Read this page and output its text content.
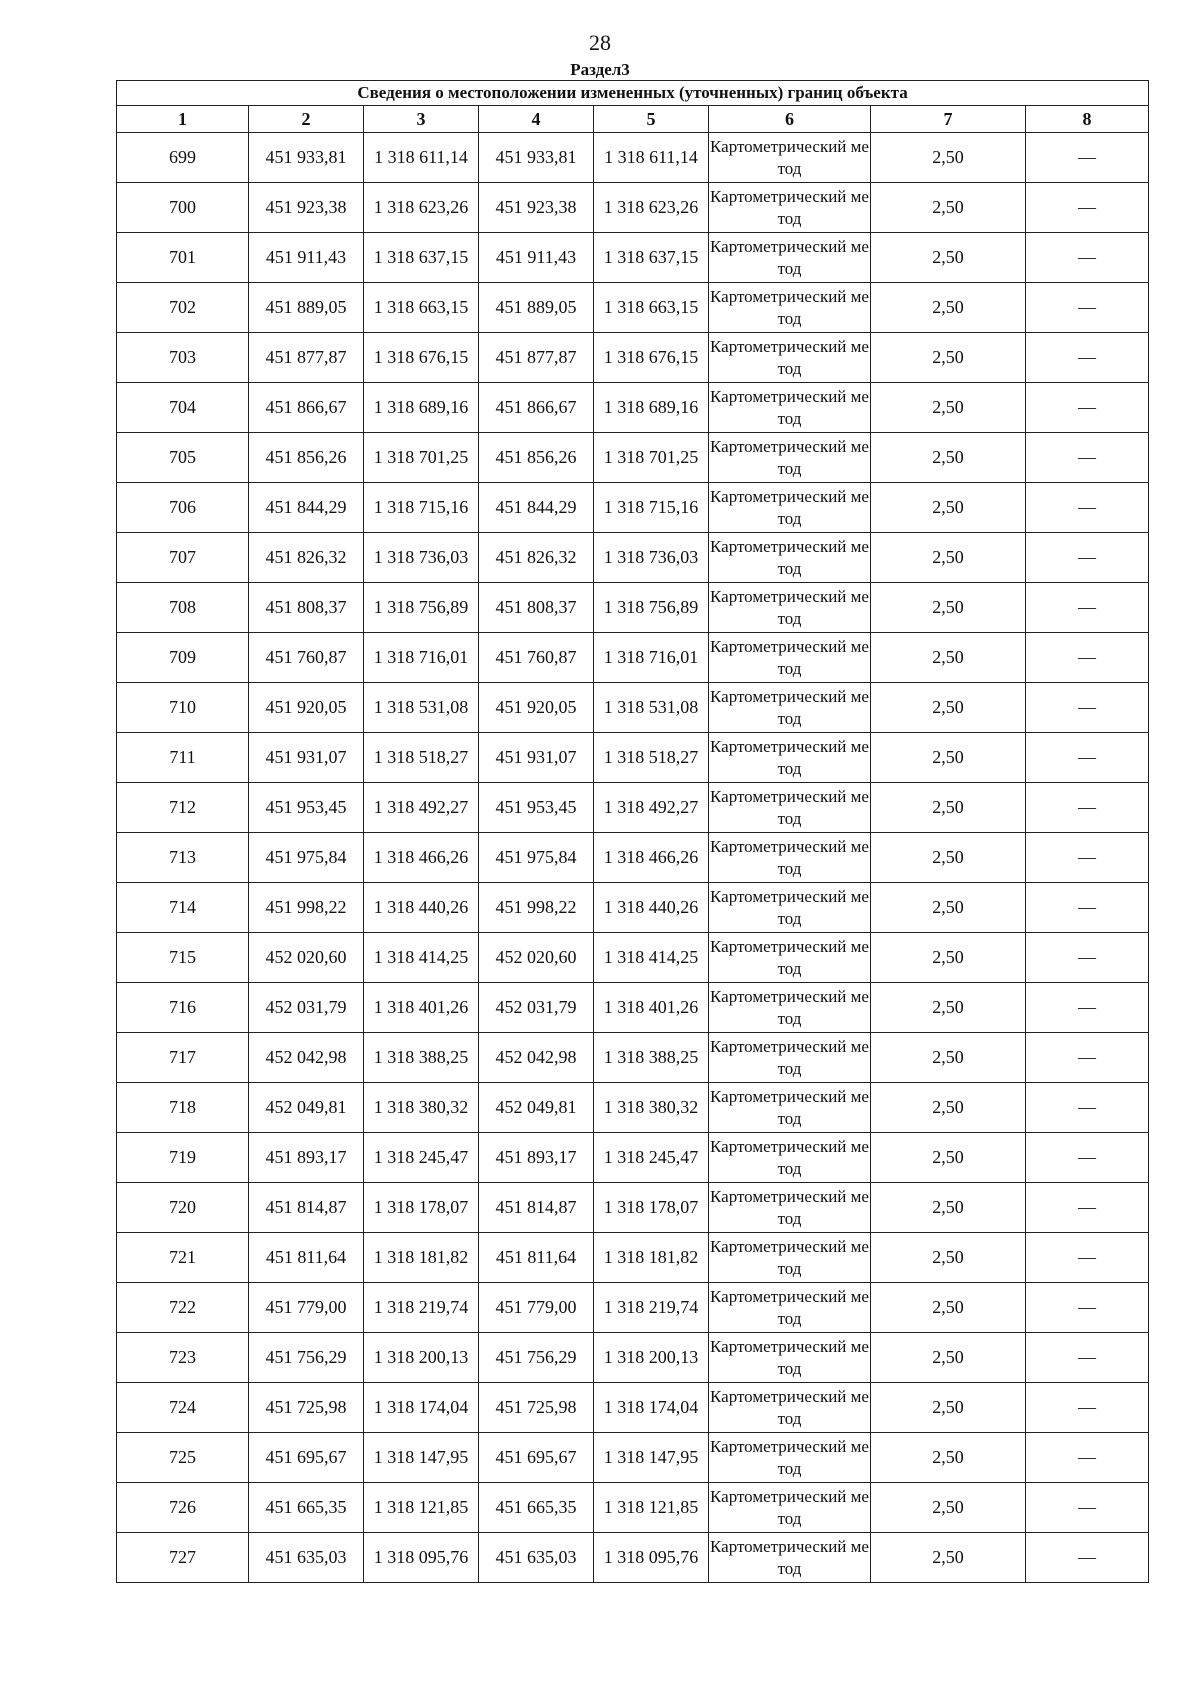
28
Раздел3
Сведения о местоположении измененных (уточненных) границ объекта							
1	2	3	4	5	6	7	8
699	451 933,81	1 318 611,14	451 933,81	1 318 611,14	Картометрический метод	2,50	—
700	451 923,38	1 318 623,26	451 923,38	1 318 623,26	Картометрический метод	2,50	—
701	451 911,43	1 318 637,15	451 911,43	1 318 637,15	Картометрический метод	2,50	—
702	451 889,05	1 318 663,15	451 889,05	1 318 663,15	Картометрический метод	2,50	—
703	451 877,87	1 318 676,15	451 877,87	1 318 676,15	Картометрический метод	2,50	—
704	451 866,67	1 318 689,16	451 866,67	1 318 689,16	Картометрический метод	2,50	—
705	451 856,26	1 318 701,25	451 856,26	1 318 701,25	Картометрический метод	2,50	—
706	451 844,29	1 318 715,16	451 844,29	1 318 715,16	Картометрический метод	2,50	—
707	451 826,32	1 318 736,03	451 826,32	1 318 736,03	Картометрический метод	2,50	—
708	451 808,37	1 318 756,89	451 808,37	1 318 756,89	Картометрический метод	2,50	—
709	451 760,87	1 318 716,01	451 760,87	1 318 716,01	Картометрический метод	2,50	—
710	451 920,05	1 318 531,08	451 920,05	1 318 531,08	Картометрический метод	2,50	—
711	451 931,07	1 318 518,27	451 931,07	1 318 518,27	Картометрический метод	2,50	—
712	451 953,45	1 318 492,27	451 953,45	1 318 492,27	Картометрический метод	2,50	—
713	451 975,84	1 318 466,26	451 975,84	1 318 466,26	Картометрический метод	2,50	—
714	451 998,22	1 318 440,26	451 998,22	1 318 440,26	Картометрический метод	2,50	—
715	452 020,60	1 318 414,25	452 020,60	1 318 414,25	Картометрический метод	2,50	—
716	452 031,79	1 318 401,26	452 031,79	1 318 401,26	Картометрический метод	2,50	—
717	452 042,98	1 318 388,25	452 042,98	1 318 388,25	Картометрический метод	2,50	—
718	452 049,81	1 318 380,32	452 049,81	1 318 380,32	Картометрический метод	2,50	—
719	451 893,17	1 318 245,47	451 893,17	1 318 245,47	Картометрический метод	2,50	—
720	451 814,87	1 318 178,07	451 814,87	1 318 178,07	Картометрический метод	2,50	—
721	451 811,64	1 318 181,82	451 811,64	1 318 181,82	Картометрический метод	2,50	—
722	451 779,00	1 318 219,74	451 779,00	1 318 219,74	Картометрический метод	2,50	—
723	451 756,29	1 318 200,13	451 756,29	1 318 200,13	Картометрический метод	2,50	—
724	451 725,98	1 318 174,04	451 725,98	1 318 174,04	Картометрический метод	2,50	—
725	451 695,67	1 318 147,95	451 695,67	1 318 147,95	Картометрический метод	2,50	—
726	451 665,35	1 318 121,85	451 665,35	1 318 121,85	Картометрический метод	2,50	—
727	451 635,03	1 318 095,76	451 635,03	1 318 095,76	Картометрический метод	2,50	—
